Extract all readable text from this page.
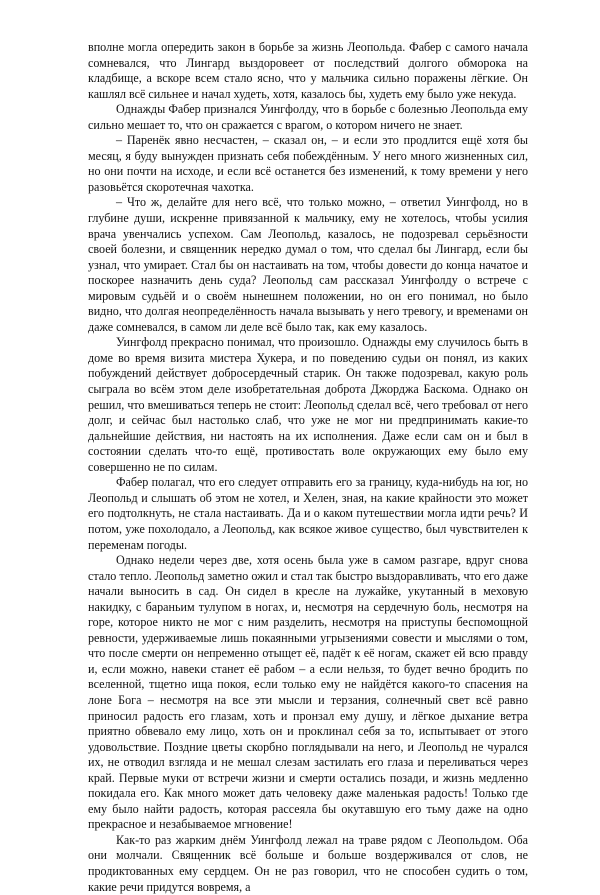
вполне могла опередить закон в борьбе за жизнь Леопольда. Фабер с самого начала сомневался, что Лингард выздоровеет от последствий долгого обморока на кладбище, а вскоре всем стало ясно, что у мальчика сильно поражены лёгкие. Он кашлял всё сильнее и начал худеть, хотя, казалось бы, худеть ему было уже некуда.

Однажды Фабер признался Уингфолду, что в борьбе с болезнью Леопольда ему сильно мешает то, что он сражается с врагом, о котором ничего не знает.

– Паренёк явно несчастен, – сказал он, – и если это продлится ещё хотя бы месяц, я буду вынужден признать себя побеждённым. У него много жизненных сил, но они почти на исходе, и если всё останется без изменений, к тому времени у него разовьётся скоротечная чахотка.

– Что ж, делайте для него всё, что только можно, – ответил Уингфолд, но в глубине души, искренне привязанной к мальчику, ему не хотелось, чтобы усилия врача увенчались успехом. Сам Леопольд, казалось, не подозревал серьёзности своей болезни, и священник нередко думал о том, что сделал бы Лингард, если бы узнал, что умирает. Стал бы он настаивать на том, чтобы довести до конца начатое и поскорее назначить день суда? Леопольд сам рассказал Уингфолду о встрече с мировым судьёй и о своём нынешнем положении, но он его понимал, но было видно, что долгая неопределённость начала вызывать у него тревогу, и временами он даже сомневался, в самом ли деле всё было так, как ему казалось.

Уингфолд прекрасно понимал, что произошло. Однажды ему случилось быть в доме во время визита мистера Хукера, и по поведению судьи он понял, из каких побуждений действует добросердечный старик. Он также подозревал, какую роль сыграла во всём этом деле изобретательная доброта Джорджа Баскома. Однако он решил, что вмешиваться теперь не стоит: Леопольд сделал всё, чего требовал от него долг, и сейчас был настолько слаб, что уже не мог ни предпринимать какие-то дальнейшие действия, ни настоять на их исполнения. Даже если сам он и был в состоянии сделать что-то ещё, противостать воле окружающих ему было ему совершенно не по силам.

Фабер полагал, что его следует отправить его за границу, куда-нибудь на юг, но Леопольд и слышать об этом не хотел, и Хелен, зная, на какие крайности это может его подтолкнуть, не стала настаивать. Да и о каком путешествии могла идти речь? И потом, уже похолодало, а Леопольд, как всякое живое существо, был чувствителен к переменам погоды.

Однако недели через две, хотя осень была уже в самом разгаре, вдруг снова стало тепло. Леопольд заметно ожил и стал так быстро выздоравливать, что его даже начали выносить в сад. Он сидел в кресле на лужайке, укутанный в меховую накидку, с бараньим тулупом в ногах, и, несмотря на сердечную боль, несмотря на горе, которое никто не мог с ним разделить, несмотря на приступы беспомощной ревности, удерживаемые лишь покаянными угрызениями совести и мыслями о том, что после смерти он непременно отыщет её, падёт к её ногам, скажет ей всю правду и, если можно, навеки станет её рабом – а если нельзя, то будет вечно бродить по вселенной, тщетно ища покоя, если только ему не найдётся какого-то спасения на лоне Бога – несмотря на все эти мысли и терзания, солнечный свет всё равно приносил радость его глазам, хоть и пронзал ему душу, и лёгкое дыхание ветра приятно обвевало ему лицо, хоть он и проклинал себя за то, испытывает от этого удовольствие. Поздние цветы скорбно поглядывали на него, и Леопольд не чурался их, не отводил взгляда и не мешал слезам застилать его глаза и переливаться через край. Первые муки от встречи жизни и смерти остались позади, и жизнь медленно покидала его. Как много может дать человеку даже маленькая радость! Только где ему было найти радость, которая рассеяла бы окутавшую его тьму даже на одно прекрасное и незабываемое мгновение!

Как-то раз жарким днём Уингфолд лежал на траве рядом с Леопольдом. Оба они молчали. Священник всё больше и больше воздерживался от слов, не продиктованных ему сердцем. Он не раз говорил, что не способен судить о том, какие речи придутся вовремя, а
